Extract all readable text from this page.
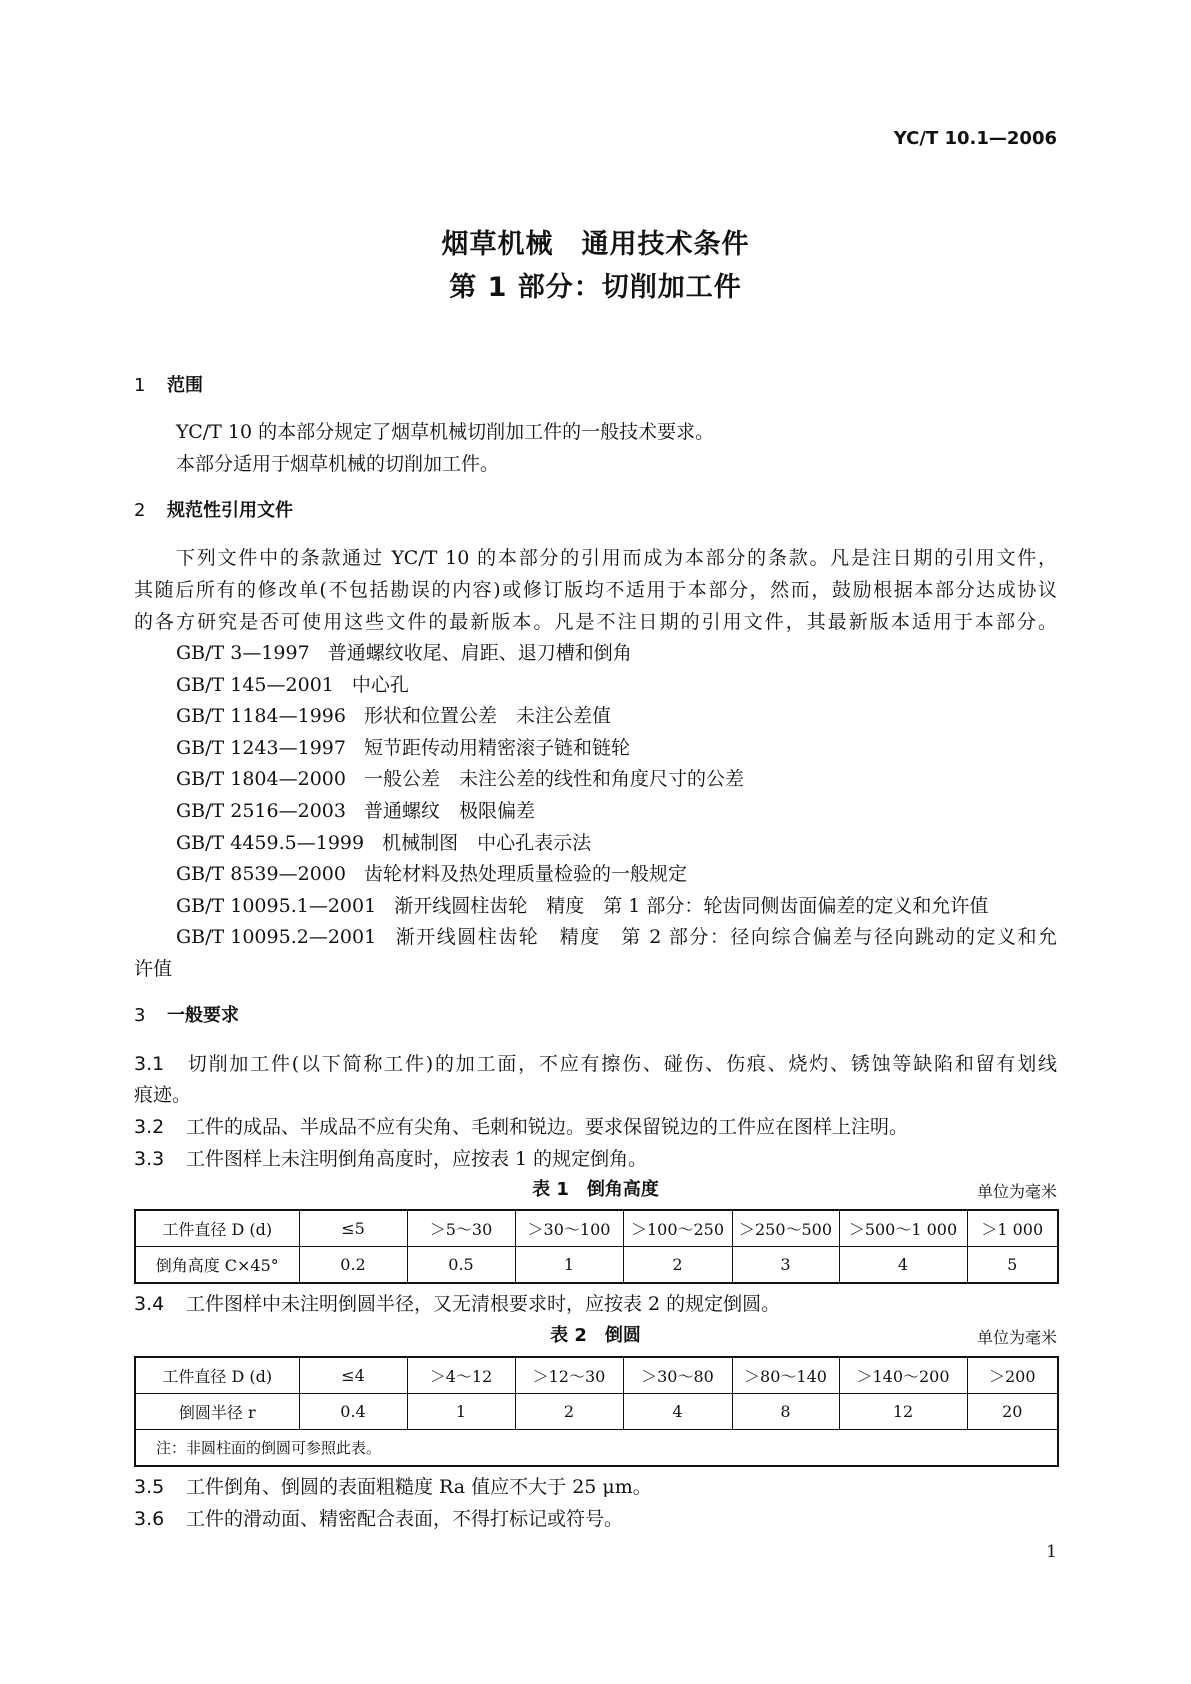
YC/T 10.1—2006
烟草机械　通用技术条件
第 1 部分：切削加工件
1 范围
YC/T 10 的本部分规定了烟草机械切削加工件的一般技术要求。
本部分适用于烟草机械的切削加工件。
2 规范性引用文件
下列文件中的条款通过 YC/T 10 的本部分的引用而成为本部分的条款。凡是注日期的引用文件，
其随后所有的修改单(不包括勘误的内容)或修订版均不适用于本部分，然而，鼓励根据本部分达成协议
的各方研究是否可使用这些文件的最新版本。凡是不注日期的引用文件，其最新版本适用于本部分。
GB/T 3—1997 普通螺纹收尾、肩距、退刀槽和倒角
GB/T 145—2001 中心孔
GB/T 1184—1996 形状和位置公差　未注公差值
GB/T 1243—1997 短节距传动用精密滚子链和链轮
GB/T 1804—2000 一般公差　未注公差的线性和角度尺寸的公差
GB/T 2516—2003 普通螺纹　极限偏差
GB/T 4459.5—1999 机械制图　中心孔表示法
GB/T 8539—2000 齿轮材料及热处理质量检验的一般规定
GB/T 10095.1—2001 渐开线圆柱齿轮　精度　第 1 部分：轮齿同侧齿面偏差的定义和允许值
GB/T 10095.2—2001 渐开线圆柱齿轮　精度　第 2 部分：径向综合偏差与径向跳动的定义和允
许值
3 一般要求
3.1 切削加工件(以下简称工件)的加工面，不应有擦伤、碰伤、伤痕、烧灼、锈蚀等缺陷和留有划线
痕迹。
3.2 工件的成品、半成品不应有尖角、毛刺和锐边。要求保留锐边的工件应在图样上注明。
3.3 工件图样上未注明倒角高度时，应按表 1 的规定倒角。
表 1　倒角高度	单位为毫米
工件直径 D (d)	≤5	＞5～30	＞30～100	＞100～250	＞250～500	＞500～1 000	＞1 000
倒角高度 C×45°	0.2	0.5	1	2	3	4	5
3.4 工件图样中未注明倒圆半径，又无清根要求时，应按表 2 的规定倒圆。
表 2　倒圆	单位为毫米
工件直径 D (d)	≤4	＞4～12	＞12～30	＞30～80	＞80～140	＞140～200	＞200
倒圆半径 r	0.4	1	2	4	8	12	20
注：非圆柱面的倒圆可参照此表。							
3.5 工件倒角、倒圆的表面粗糙度 Ra 值应不大于 25 μm。
3.6 工件的滑动面、精密配合表面，不得打标记或符号。
1
